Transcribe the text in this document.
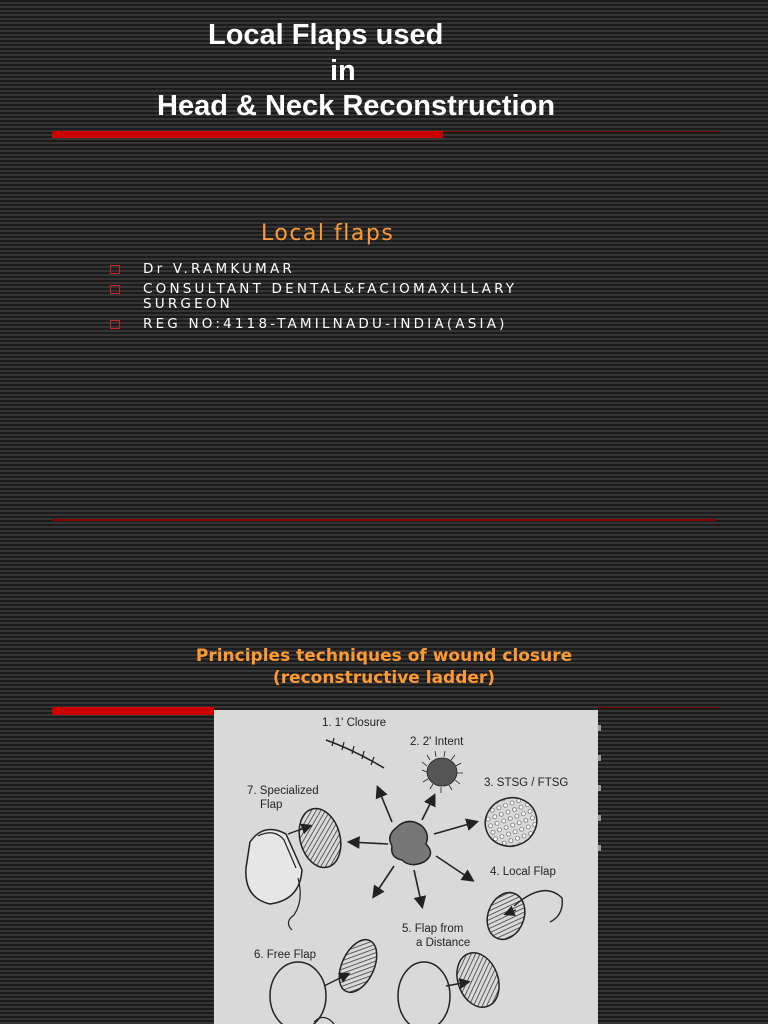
Local Flaps used
in
Head & Neck Reconstruction
Local flaps
Dr V.RAMKUMAR
CONSULTANT DENTAL&FACIOMAXILLARY
SURGEON
REG NO:4118-TAMILNADU-INDIA(ASIA)
Principles techniques of wound closure
(reconstructive ladder)
1. 1' Closure
2. 2' Intent
3. STSG / FTSG
4. Local Flap
5. Flap from
a Distance
6. Free Flap
7. Specialized
Flap
